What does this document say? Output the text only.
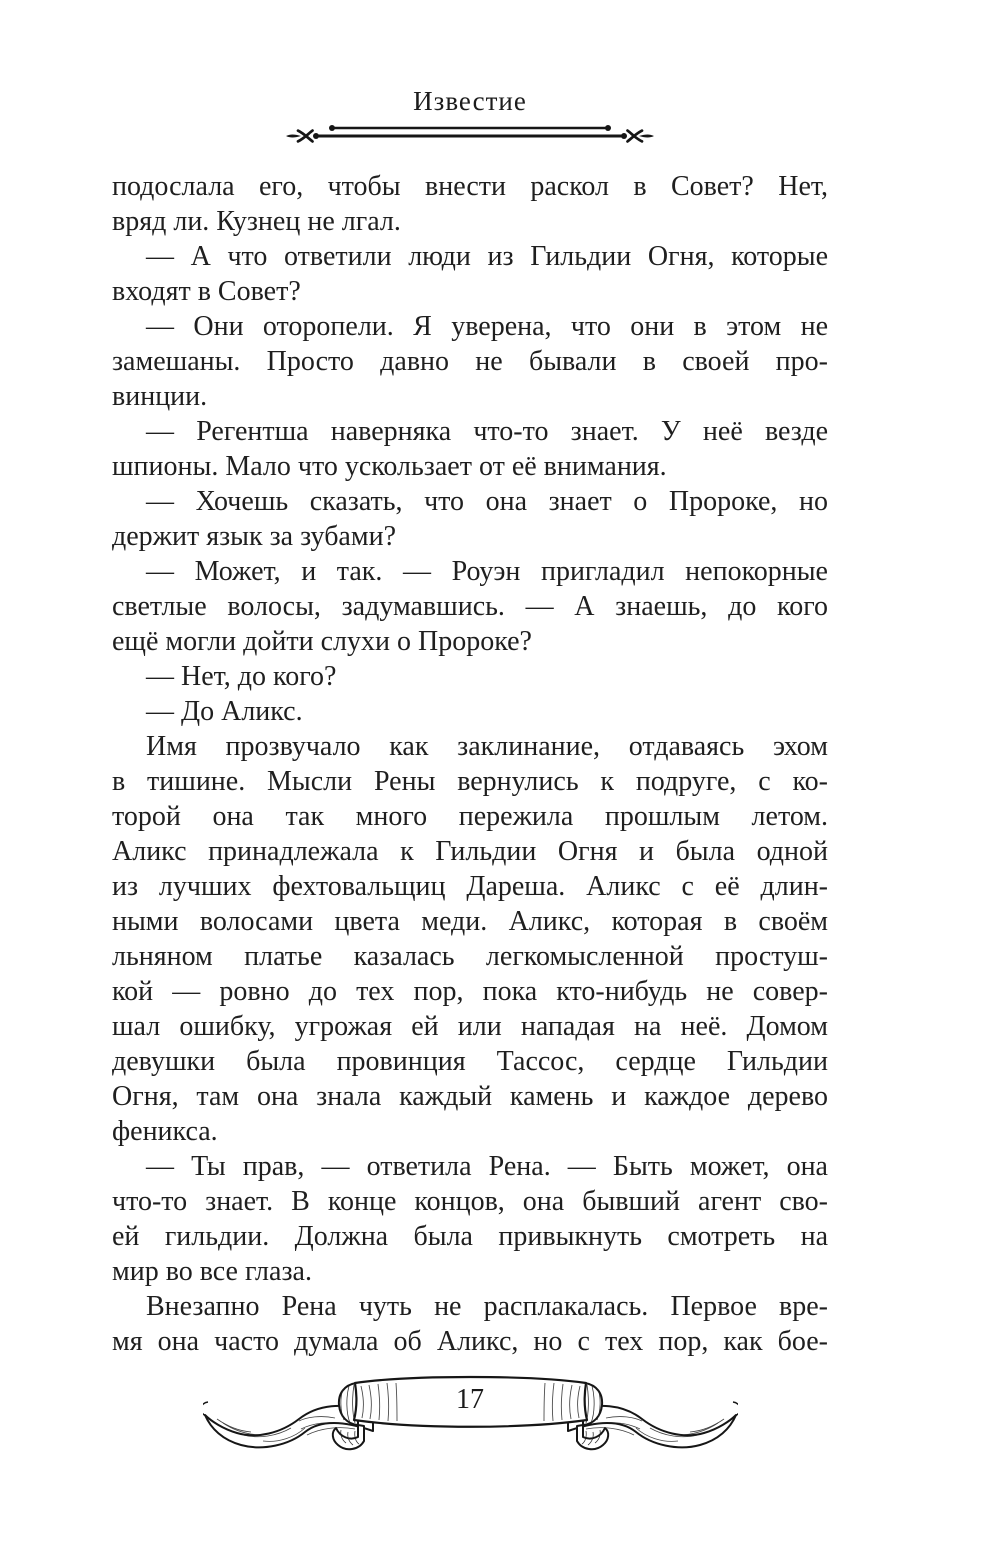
Известие
подослала его, чтобы внести раскол в Совет? Нет,
вряд ли. Кузнец не лгал.
— А что ответили люди из Гильдии Огня, которые
входят в Совет?
— Они оторопели. Я уверена, что они в этом не
замешаны. Просто давно не бывали в своей про-
винции.
— Регентша наверняка что-то знает. У неё везде
шпионы. Мало что ускользает от её внимания.
— Хочешь сказать, что она знает о Пророке, но
держит язык за зубами?
— Может, и так. — Роуэн пригладил непокорные
светлые волосы, задумавшись. — А знаешь, до кого
ещё могли дойти слухи о Пророке?
— Нет, до кого?
— До Аликс.
Имя прозвучало как заклинание, отдаваясь эхом
в тишине. Мысли Рены вернулись к подруге, с ко-
торой она так много пережила прошлым летом.
Аликс принадлежала к Гильдии Огня и была одной
из лучших фехтовальщиц Дареша. Аликс с её длин-
ными волосами цвета меди. Аликс, которая в своём
льняном платье казалась легкомысленной простуш-
кой — ровно до тех пор, пока кто-нибудь не совер-
шал ошибку, угрожая ей или нападая на неё. Домом
девушки была провинция Тассос, сердце Гильдии
Огня, там она знала каждый камень и каждое дерево
феникса.
— Ты прав, — ответила Рена. — Быть может, она
что-то знает. В конце концов, она бывший агент сво-
ей гильдии. Должна была привыкнуть смотреть на
мир во все глаза.
Внезапно Рена чуть не расплакалась. Первое вре-
мя она часто думала об Аликс, но с тех пор, как бое-
17
